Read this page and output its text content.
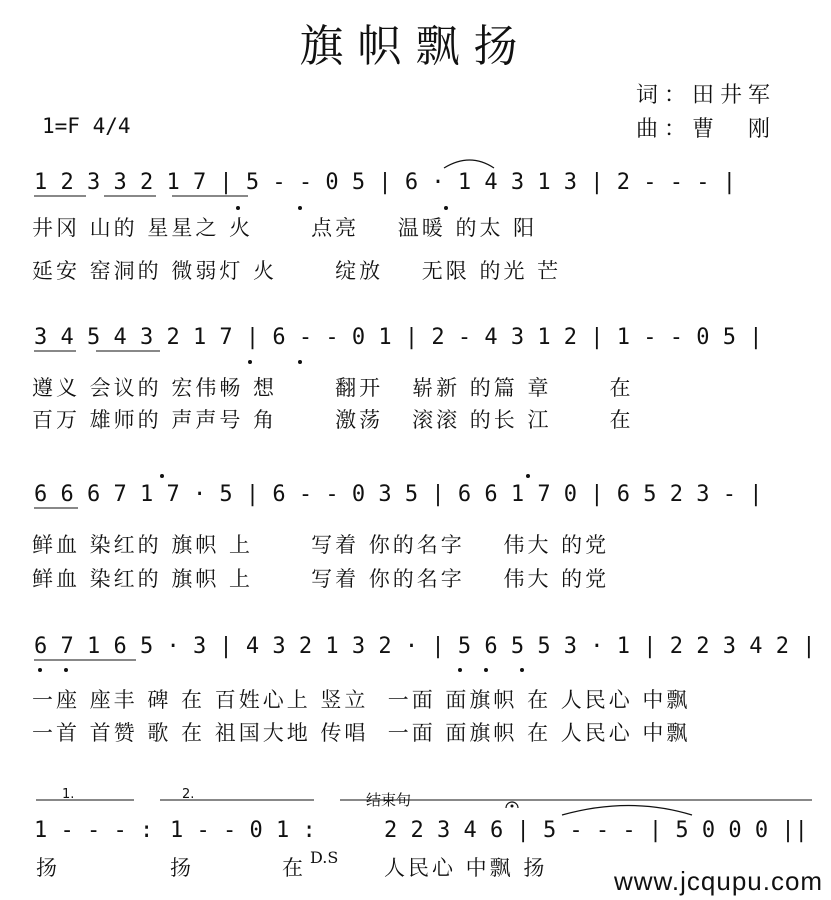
旗帜飘扬
词：田井军
曲：曹　刚
1=F 4/4
1 2 3 3 2 1 7 | 5 - - 0 5 | 6 · 1 4 3 1 3 | 2 - - - |
井冈 山的 星星之 火      点亮    温暖 的太 阳
延安 窑洞的 微弱灯 火      绽放    无限 的光 芒
3 4 5 4 3 2 1 7 | 6 - - 0 1 | 2 - 4 3 1 2 | 1 - - 0 5 |
遵义 会议的 宏伟畅 想      翻开   崭新 的篇 章      在
百万 雄师的 声声号 角      激荡   滚滚 的长 江      在
6 6 6 7 1 7 · 5 | 6 - - 0 3 5 | 6 6 1 7 0 | 6 5 2 3 - |
鲜血 染红的 旗帜 上      写着 你的名字    伟大 的党
鲜血 染红的 旗帜 上      写着 你的名字    伟大 的党
6 7 1 6 5 · 3 | 4 3 2 1 3 2 · | 5 6 5 5 3 · 1 | 2 2 3 4 2 |
一座 座丰 碑 在 百姓心上 竖立  一面 面旗帜 在 人民心 中飘
一首 首赞 歌 在 祖国大地 传唱  一面 面旗帜 在 人民心 中飘
1.	2.	结束句
1 - - - : 1 - - 0 1 :	2 2 3 4 6 | 5 - - - | 5 0 0 0 ||
扬	扬	在 D.S 人民心 中飘 扬	www.jcqupu.com
